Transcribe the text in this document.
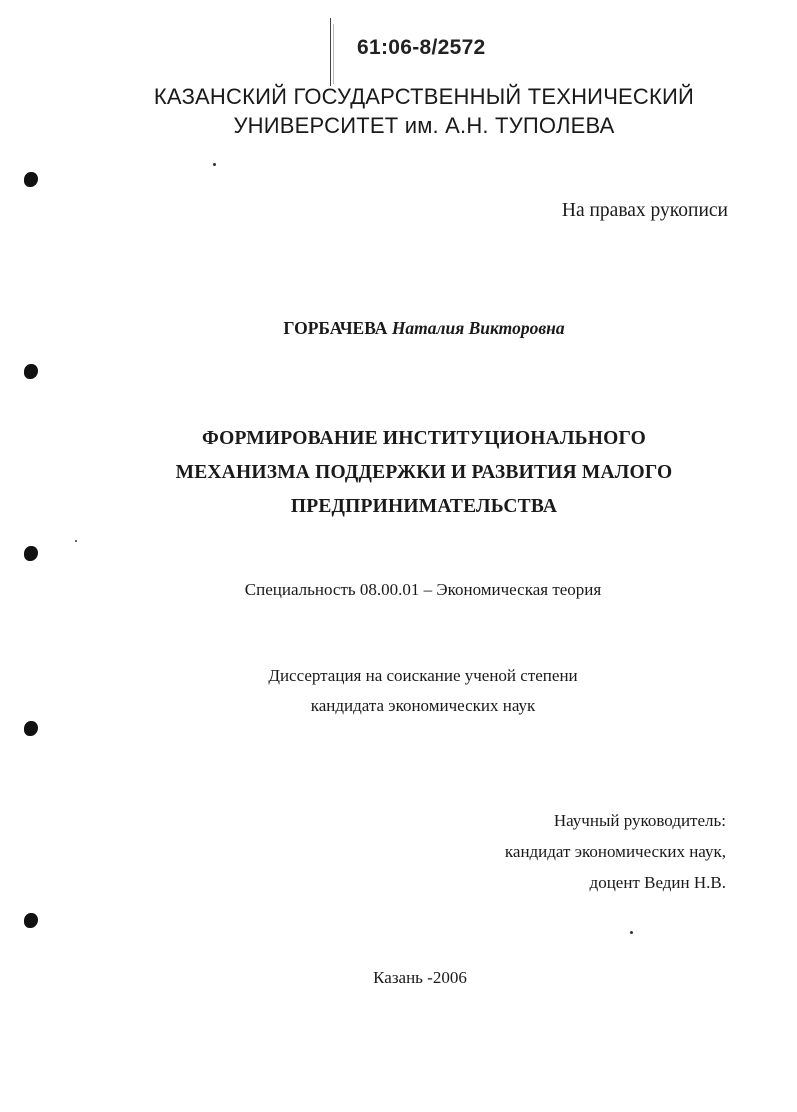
61:06-8/2572
КАЗАНСКИЙ ГОСУДАРСТВЕННЫЙ ТЕХНИЧЕСКИЙ
УНИВЕРСИТЕТ им. А.Н. ТУПОЛЕВА
На правах рукописи
ГОРБАЧЕВА Наталия Викторовна
ФОРМИРОВАНИЕ ИНСТИТУЦИОНАЛЬНОГО
МЕХАНИЗМА ПОДДЕРЖКИ И РАЗВИТИЯ МАЛОГО
ПРЕДПРИНИМАТЕЛЬСТВА
Специальность 08.00.01 – Экономическая теория
Диссертация на соискание ученой степени
кандидата экономических наук
Научный руководитель:
кандидат экономических наук,
доцент Ведин Н.В.
Казань -2006
